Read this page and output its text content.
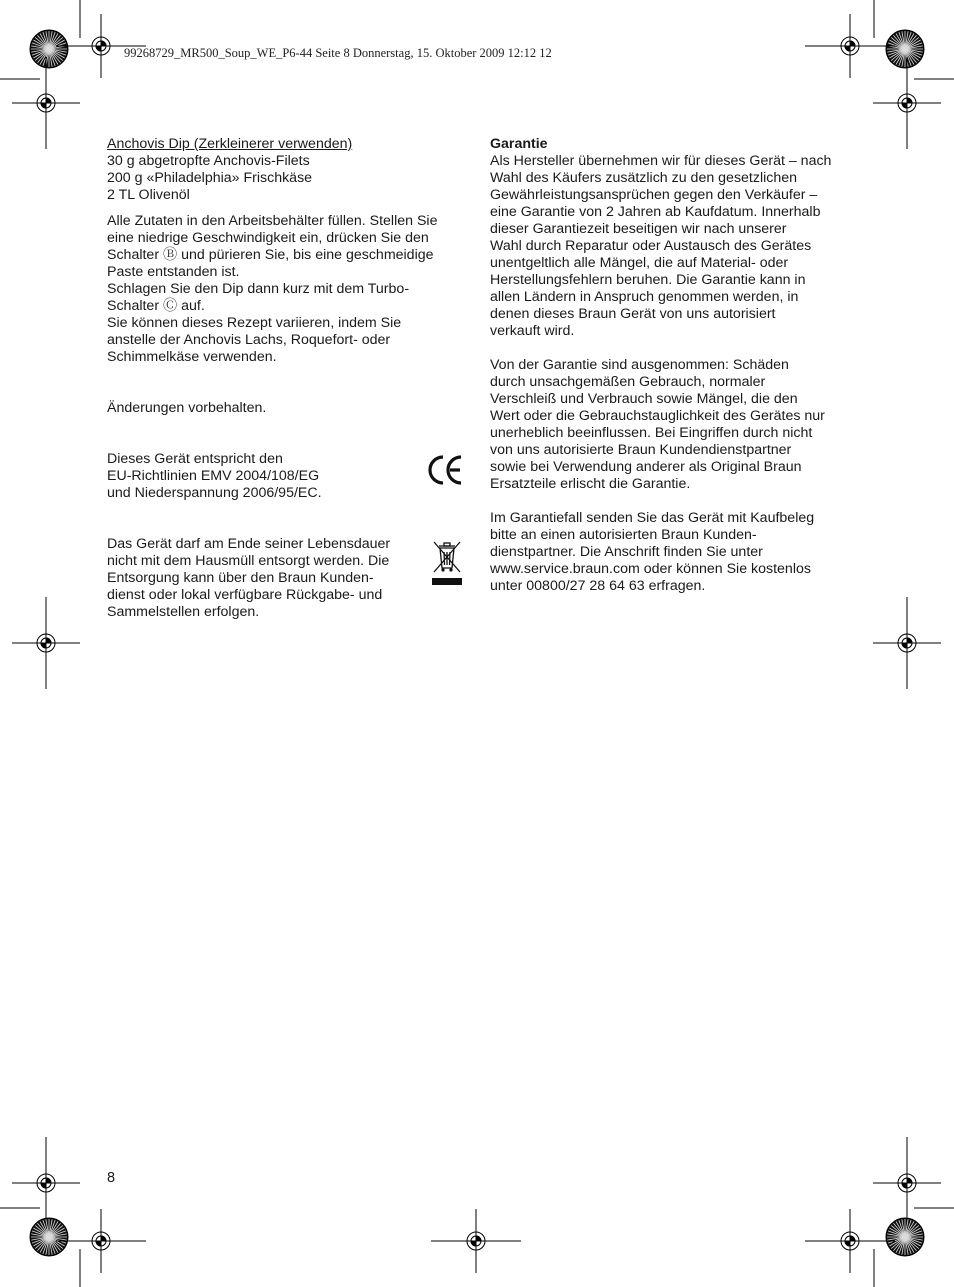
99268729_MR500_Soup_WE_P6-44 Seite 8 Donnerstag, 15. Oktober 2009 12:12 12

Anchovis Dip (Zerkleinerer verwenden)

30 g abgetropfte Anchovis-Filets

200 g «Philadelphia» Frischkäse

2 TL Olivenöl

Alle Zutaten in den Arbeitsbehälter füllen. Stellen Sie

eine niedrige Geschwindigkeit ein, drücken Sie den

Schalter Ⓑ und pürieren Sie, bis eine geschmeidige

Paste entstanden ist.

Schlagen Sie den Dip dann kurz mit dem Turbo-

Schalter Ⓒ auf.

Sie können dieses Rezept variieren, indem Sie

anstelle der Anchovis Lachs, Roquefort- oder

Schimmelkäse verwenden.

Änderungen vorbehalten.

Dieses Gerät entspricht den

EU-Richtlinien EMV 2004/108/EG

und Niederspannung 2006/95/EC.

Das Gerät darf am Ende seiner Lebensdauer

nicht mit dem Hausmüll entsorgt werden. Die

Entsorgung kann über den Braun Kunden-

dienst oder lokal verfügbare Rückgabe- und

Sammelstellen erfolgen.

Garantie

Als Hersteller übernehmen wir für dieses Gerät – nach

Wahl des Käufers zusätzlich zu den gesetzlichen

Gewährleistungsansprüchen gegen den Verkäufer –

eine Garantie von 2 Jahren ab Kaufdatum. Innerhalb

dieser Garantiezeit beseitigen wir nach unserer

Wahl durch Reparatur oder Austausch des Gerätes

unentgeltlich alle Mängel, die auf Material- oder

Herstellungsfehlern beruhen. Die Garantie kann in

allen Ländern in Anspruch genommen werden, in

denen dieses Braun Gerät von uns autorisiert

verkauft wird.

Von der Garantie sind ausgenommen: Schäden

durch unsachgemäßen Gebrauch, normaler

Verschleiß und Verbrauch sowie Mängel, die den

Wert oder die Gebrauchstauglichkeit des Gerätes nur

unerheblich beeinflussen. Bei Eingriffen durch nicht

von uns autorisierte Braun Kundendienstpartner

sowie bei Verwendung anderer als Original Braun

Ersatzteile erlischt die Garantie.

Im Garantiefall senden Sie das Gerät mit Kaufbeleg

bitte an einen autorisierten Braun Kunden-

dienstpartner. Die Anschrift finden Sie unter

www.service.braun.com oder können Sie kostenlos

unter 00800/27 28 64 63 erfragen.

8
